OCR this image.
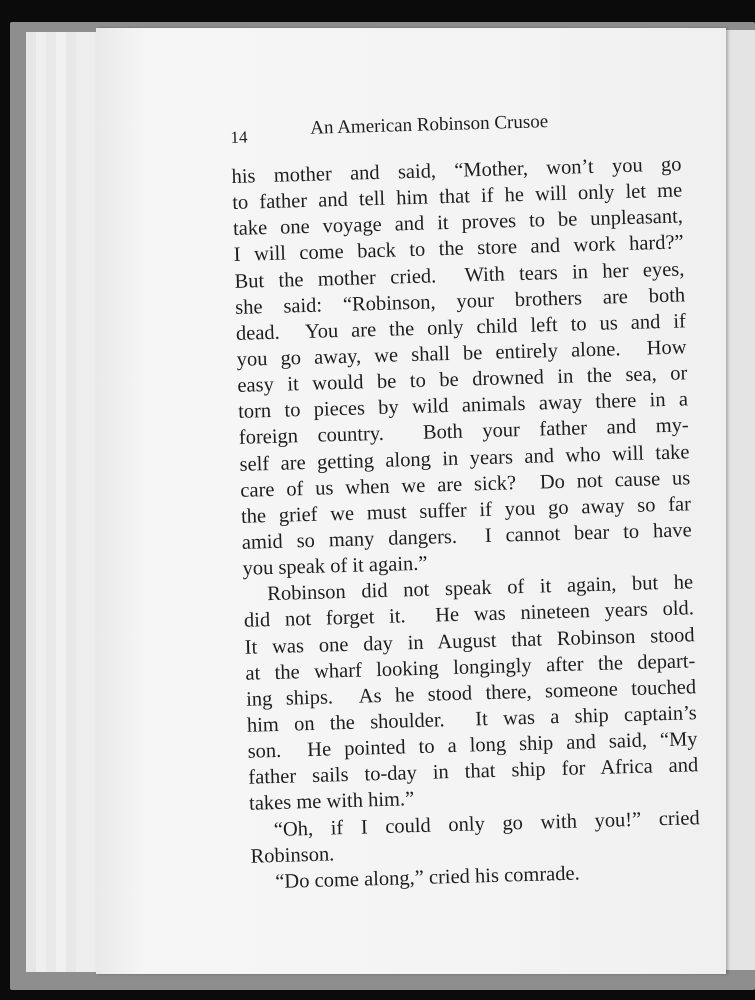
14	An American Robinson Crusoe
his mother and said, “Mother, won’t you go
to father and tell him that if he will only let me
take one voyage and it proves to be unpleasant,
I will come back to the store and work hard?”
But the mother cried.  With tears in her eyes,
she said: “Robinson, your brothers are both
dead.  You are the only child left to us and if
you go away, we shall be entirely alone.  How
easy it would be to be drowned in the sea, or
torn to pieces by wild animals away there in a
foreign country.  Both your father and my-
self are getting along in years and who will take
care of us when we are sick?  Do not cause us
the grief we must suffer if you go away so far
amid so many dangers.  I cannot bear to have
you speak of it again.”
Robinson did not speak of it again, but he
did not forget it.  He was nineteen years old.
It was one day in August that Robinson stood
at the wharf looking longingly after the depart-
ing ships.  As he stood there, someone touched
him on the shoulder.  It was a ship captain’s
son.  He pointed to a long ship and said, “My
father sails to-day in that ship for Africa and
takes me with him.”
“Oh, if I could only go with you!” cried
Robinson.
“Do come along,” cried his comrade.
